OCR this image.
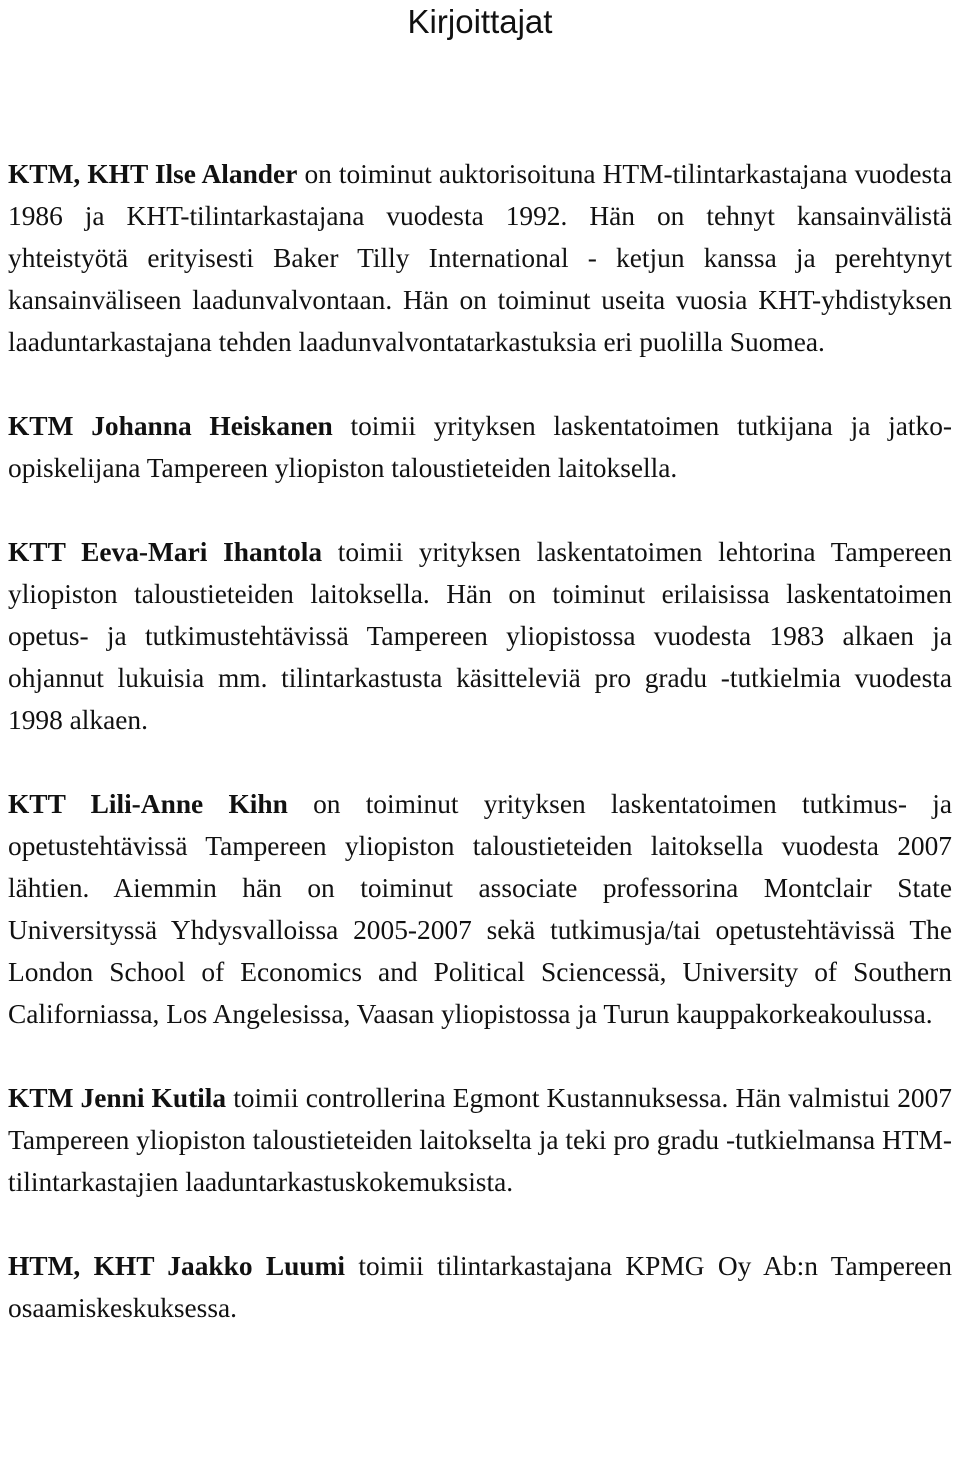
Kirjoittajat

KTM, KHT Ilse Alander on toiminut auktorisoituna HTM-tilintarkastajana vuodesta 1986 ja KHT-tilintarkastajana vuodesta 1992. Hän on tehnyt kansainvälistä yhteistyötä erityisesti Baker Tilly International - ketjun kanssa ja perehtynyt kansainväliseen laadunvalvontaan. Hän on toiminut useita vuosia KHT-yhdistyksen laaduntarkastajana tehden laadunvalvontatarkastuksia eri puolilla Suomea.

KTM Johanna Heiskanen toimii yrityksen laskentatoimen tutkijana ja jatko-opiskelijana Tampereen yliopiston taloustieteiden laitoksella.

KTT Eeva-Mari Ihantola toimii yrityksen laskentatoimen lehtorina Tampereen yliopiston taloustieteiden laitoksella. Hän on toiminut erilaisissa laskentatoimen opetus- ja tutkimustehtävissä Tampereen yliopistossa vuodesta 1983 alkaen ja ohjannut lukuisia mm. tilintarkastusta käsitteleviä pro gradu -tutkielmia vuodesta 1998 alkaen.

KTT Lili-Anne Kihn on toiminut yrityksen laskentatoimen tutkimus- ja opetustehtävissä Tampereen yliopiston taloustieteiden laitoksella vuodesta 2007 lähtien. Aiemmin hän on toiminut associate professorina Montclair State Universityssä Yhdysvalloissa 2005-2007 sekä tutkimusja/tai opetustehtävissä The London School of Economics and Political Sciencessä, University of Southern Californiassa, Los Angelesissa, Vaasan yliopistossa ja Turun kauppakorkeakoulussa.

KTM Jenni Kutila toimii controllerina Egmont Kustannuksessa. Hän valmistui 2007 Tampereen yliopiston taloustieteiden laitokselta ja teki pro gradu -tutkielmansa HTM-tilintarkastajien laaduntarkastuskokemuksista.

HTM, KHT Jaakko Luumi toimii tilintarkastajana KPMG Oy Ab:n Tampereen osaamiskeskuksessa.
